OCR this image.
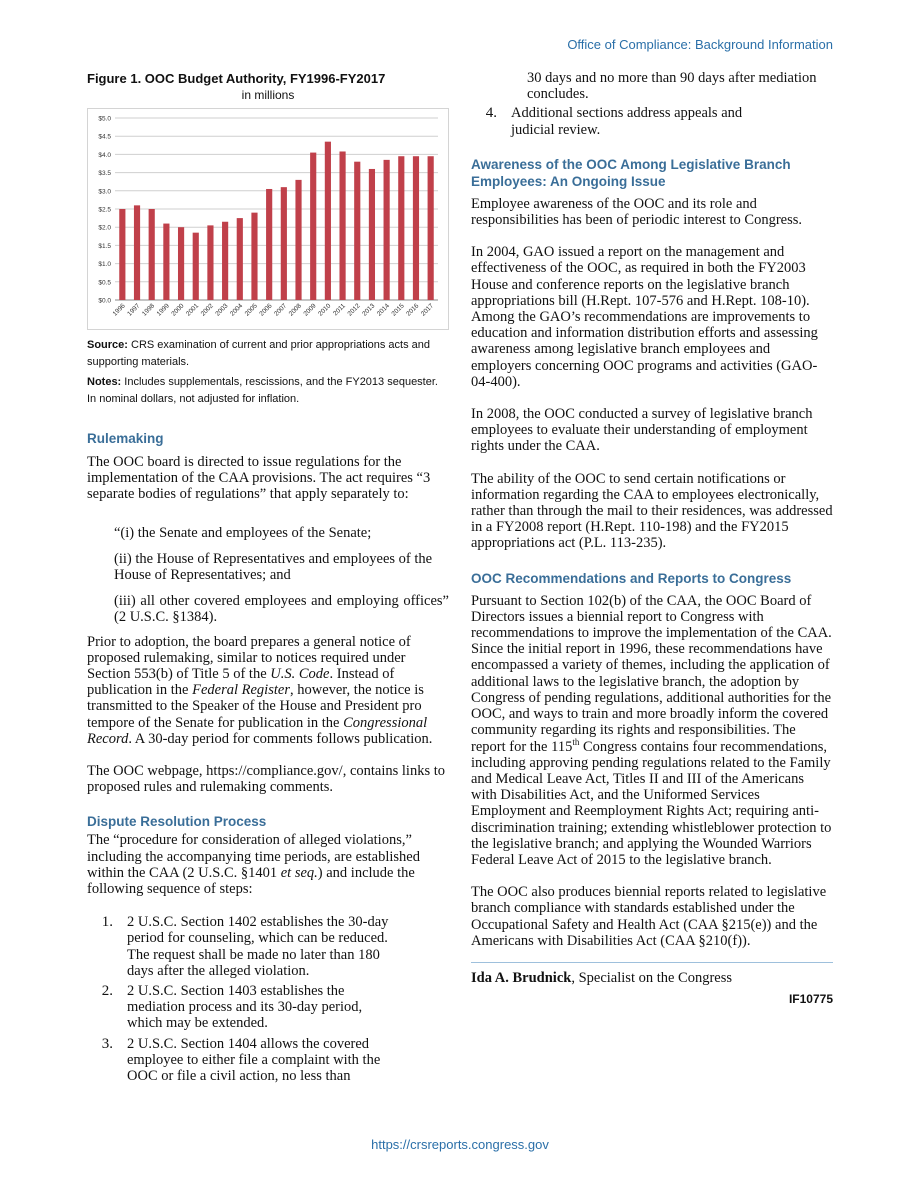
Office of Compliance: Background Information
Figure 1. OOC Budget Authority, FY1996-FY2017
in millions
$0.0
$0.5
$1.0
$1.5
$2.0
$2.5
$3.0
$3.5
$4.0
$4.5
$5.0
1996 1997 1998 1999 2000 2001 2002 2003 2004 2005 2006 2007 2008 2009 2010 2011 2012 2013 2014 2015 2016 2017
Source: CRS examination of current and prior appropriations acts and supporting materials.
Notes: Includes supplementals, rescissions, and the FY2013 sequester. In nominal dollars, not adjusted for inflation.
Rulemaking

The OOC board is directed to issue regulations for the implementation of the CAA provisions. The act requires “3 separate bodies of regulations” that apply separately to:

“(i) the Senate and employees of the Senate;

(ii) the House of Representatives and employees of the House of Representatives; and

(iii) all other covered employees and employing offices” (2 U.S.C. §1384).

Prior to adoption, the board prepares a general notice of proposed rulemaking, similar to notices required under Section 553(b) of Title 5 of the U.S. Code. Instead of publication in the Federal Register, however, the notice is transmitted to the Speaker of the House and President pro tempore of the Senate for publication in the Congressional Record. A 30-day period for comments follows publication.

The OOC webpage, https://compliance.gov/, contains links to proposed rules and rulemaking comments.

Dispute Resolution Process

The “procedure for consideration of alleged violations,” including the accompanying time periods, are established within the CAA (2 U.S.C. §1401 et seq.) and include the following sequence of steps:

1. 2 U.S.C. Section 1402 establishes the 30-day period for counseling, which can be reduced. The request shall be made no later than 180 days after the alleged violation.
2. 2 U.S.C. Section 1403 establishes the mediation process and its 30-day period, which may be extended.
3. 2 U.S.C. Section 1404 allows the covered employee to either file a complaint with the OOC or file a civil action, no less than

30 days and no more than 90 days after mediation concludes.

4. Additional sections address appeals and judicial review.
Awareness of the OOC Among Legislative Branch Employees: An Ongoing Issue

Employee awareness of the OOC and its role and responsibilities has been of periodic interest to Congress.

In 2004, GAO issued a report on the management and effectiveness of the OOC, as required in both the FY2003 House and conference reports on the legislative branch appropriations bill (H.Rept. 107-576 and H.Rept. 108-10). Among the GAO’s recommendations are improvements to education and information distribution efforts and assessing awareness among legislative branch employees and employers concerning OOC programs and activities (GAO-04-400).

In 2008, the OOC conducted a survey of legislative branch employees to evaluate their understanding of employment rights under the CAA.

The ability of the OOC to send certain notifications or information regarding the CAA to employees electronically, rather than through the mail to their residences, was addressed in a FY2008 report (H.Rept. 110-198) and the FY2015 appropriations act (P.L. 113-235).

OOC Recommendations and Reports to Congress

Pursuant to Section 102(b) of the CAA, the OOC Board of Directors issues a biennial report to Congress with recommendations to improve the implementation of the CAA. Since the initial report in 1996, these recommendations have encompassed a variety of themes, including the application of additional laws to the legislative branch, the adoption by Congress of pending regulations, additional authorities for the OOC, and ways to train and more broadly inform the covered community regarding its rights and responsibilities. The report for the 115th Congress contains four recommendations, including approving pending regulations related to the Family and Medical Leave Act, Titles II and III of the Americans with Disabilities Act, and the Uniformed Services Employment and Reemployment Rights Act; requiring anti-discrimination training; extending whistleblower protection to the legislative branch; and applying the Wounded Warriors Federal Leave Act of 2015 to the legislative branch.

The OOC also produces biennial reports related to legislative branch compliance with standards established under the Occupational Safety and Health Act (CAA §215(e)) and the Americans with Disabilities Act (CAA §210(f)).

Ida A. Brudnick, Specialist on the Congress

IF10775
https://crsreports.congress.gov
